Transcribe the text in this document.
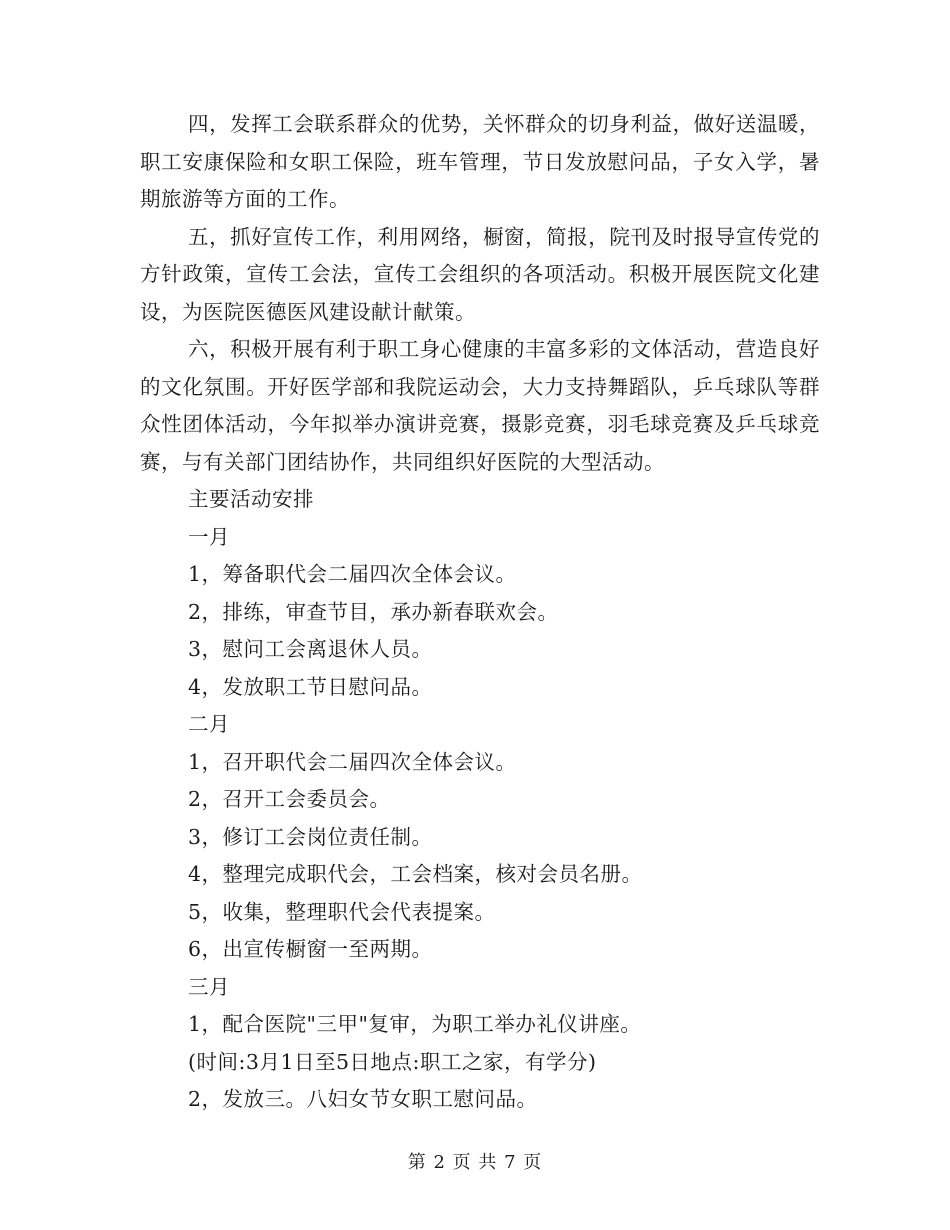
四，发挥工会联系群众的优势，关怀群众的切身利益，做好送温暖，职工安康保险和女职工保险，班车管理，节日发放慰问品，子女入学，暑期旅游等方面的工作。

五，抓好宣传工作，利用网络，橱窗，简报，院刊及时报导宣传党的方针政策，宣传工会法，宣传工会组织的各项活动。积极开展医院文化建设，为医院医德医风建设献计献策。

六，积极开展有利于职工身心健康的丰富多彩的文体活动，营造良好的文化氛围。开好医学部和我院运动会，大力支持舞蹈队，乒乓球队等群众性团体活动，今年拟举办演讲竞赛，摄影竞赛，羽毛球竞赛及乒乓球竞赛，与有关部门团结协作，共同组织好医院的大型活动。

主要活动安排

一月

1，筹备职代会二届四次全体会议。

2，排练，审查节目，承办新春联欢会。

3，慰问工会离退休人员。

4，发放职工节日慰问品。

二月

1，召开职代会二届四次全体会议。

2，召开工会委员会。

3，修订工会岗位责任制。

4，整理完成职代会，工会档案，核对会员名册。

5，收集，整理职代会代表提案。

6，出宣传橱窗一至两期。

三月

1，配合医院"三甲"复审，为职工举办礼仪讲座。

(时间:3月1日至5日地点:职工之家，有学分)

2，发放三。八妇女节女职工慰问品。

第 2 页 共 7 页
